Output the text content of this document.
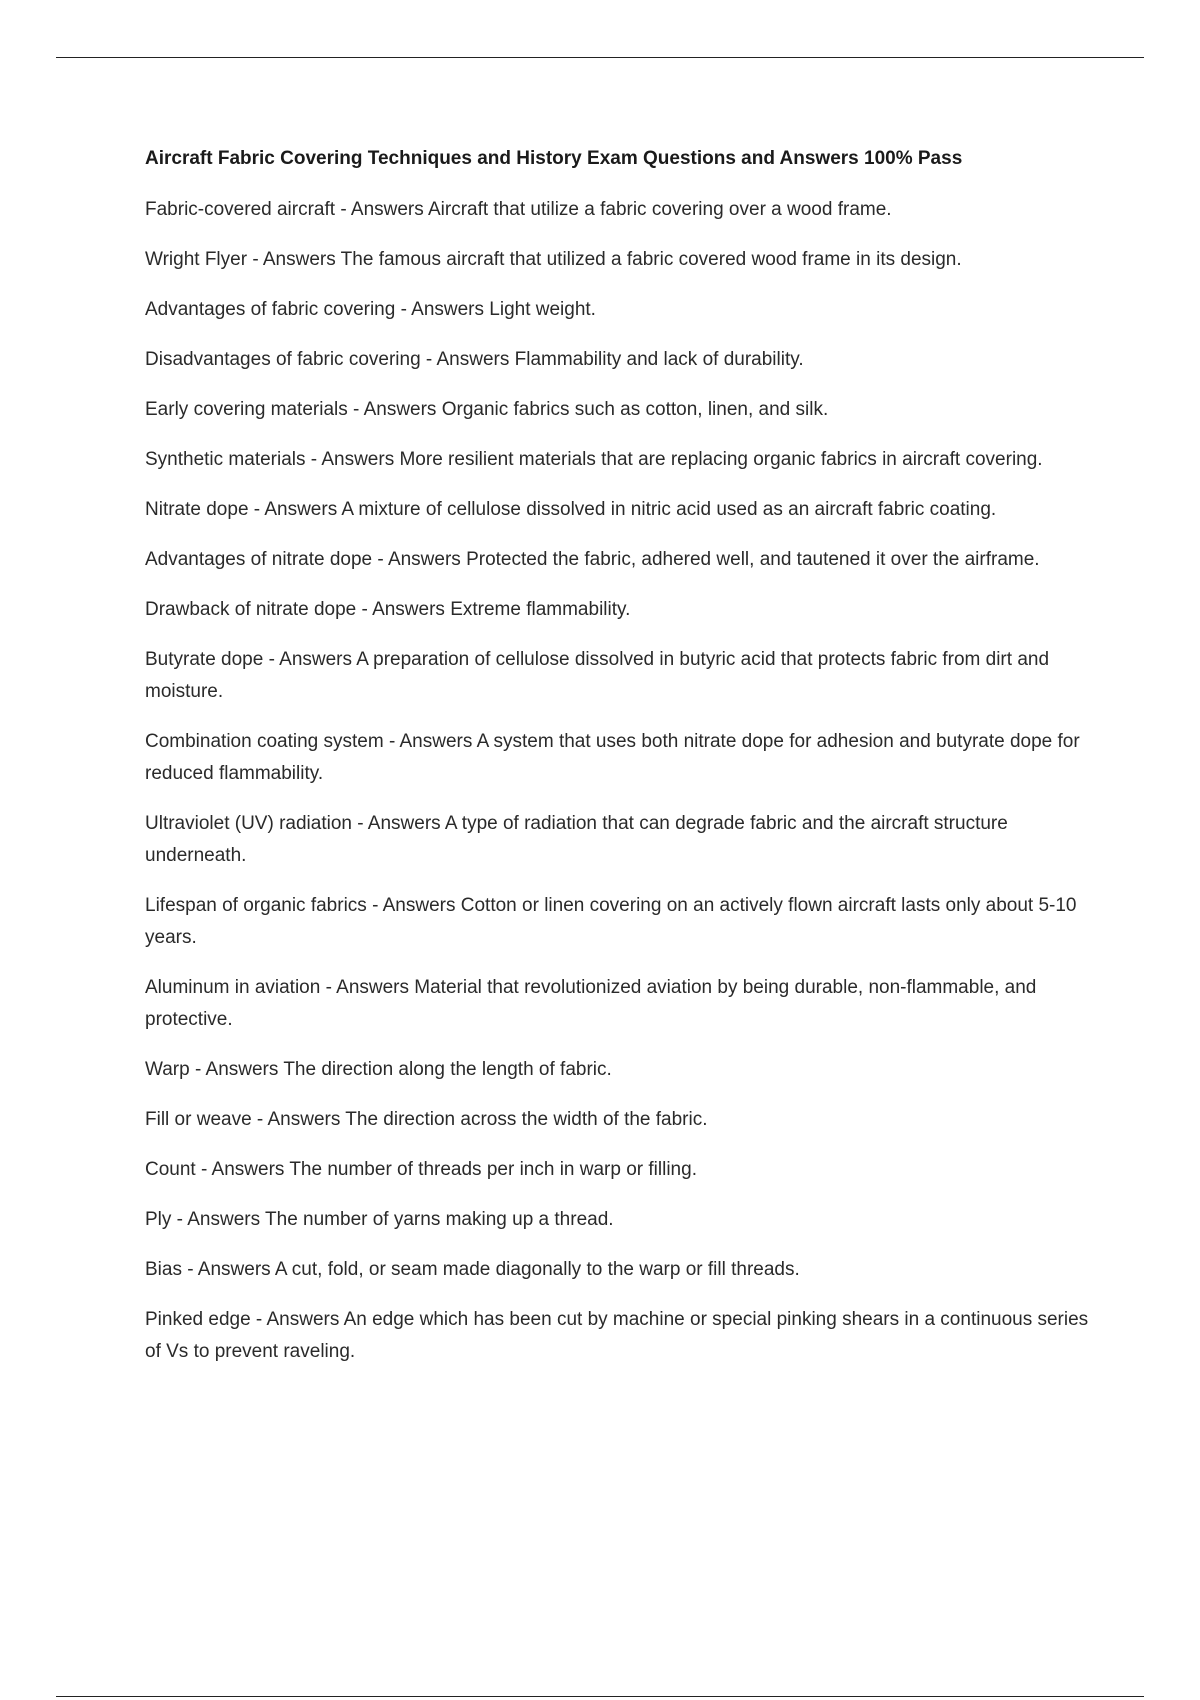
Aircraft Fabric Covering Techniques and History Exam Questions and Answers 100% Pass

Fabric-covered aircraft - Answers Aircraft that utilize a fabric covering over a wood frame.

Wright Flyer - Answers The famous aircraft that utilized a fabric covered wood frame in its design.

Advantages of fabric covering - Answers Light weight.

Disadvantages of fabric covering - Answers Flammability and lack of durability.

Early covering materials - Answers Organic fabrics such as cotton, linen, and silk.

Synthetic materials - Answers More resilient materials that are replacing organic fabrics in aircraft covering.

Nitrate dope - Answers A mixture of cellulose dissolved in nitric acid used as an aircraft fabric coating.

Advantages of nitrate dope - Answers Protected the fabric, adhered well, and tautened it over the airframe.

Drawback of nitrate dope - Answers Extreme flammability.

Butyrate dope - Answers A preparation of cellulose dissolved in butyric acid that protects fabric from dirt and moisture.

Combination coating system - Answers A system that uses both nitrate dope for adhesion and butyrate dope for reduced flammability.

Ultraviolet (UV) radiation - Answers A type of radiation that can degrade fabric and the aircraft structure underneath.

Lifespan of organic fabrics - Answers Cotton or linen covering on an actively flown aircraft lasts only about 5-10 years.

Aluminum in aviation - Answers Material that revolutionized aviation by being durable, non-flammable, and protective.

Warp - Answers The direction along the length of fabric.

Fill or weave - Answers The direction across the width of the fabric.

Count - Answers The number of threads per inch in warp or filling.

Ply - Answers The number of yarns making up a thread.

Bias - Answers A cut, fold, or seam made diagonally to the warp or fill threads.

Pinked edge - Answers An edge which has been cut by machine or special pinking shears in a continuous series of Vs to prevent raveling.
